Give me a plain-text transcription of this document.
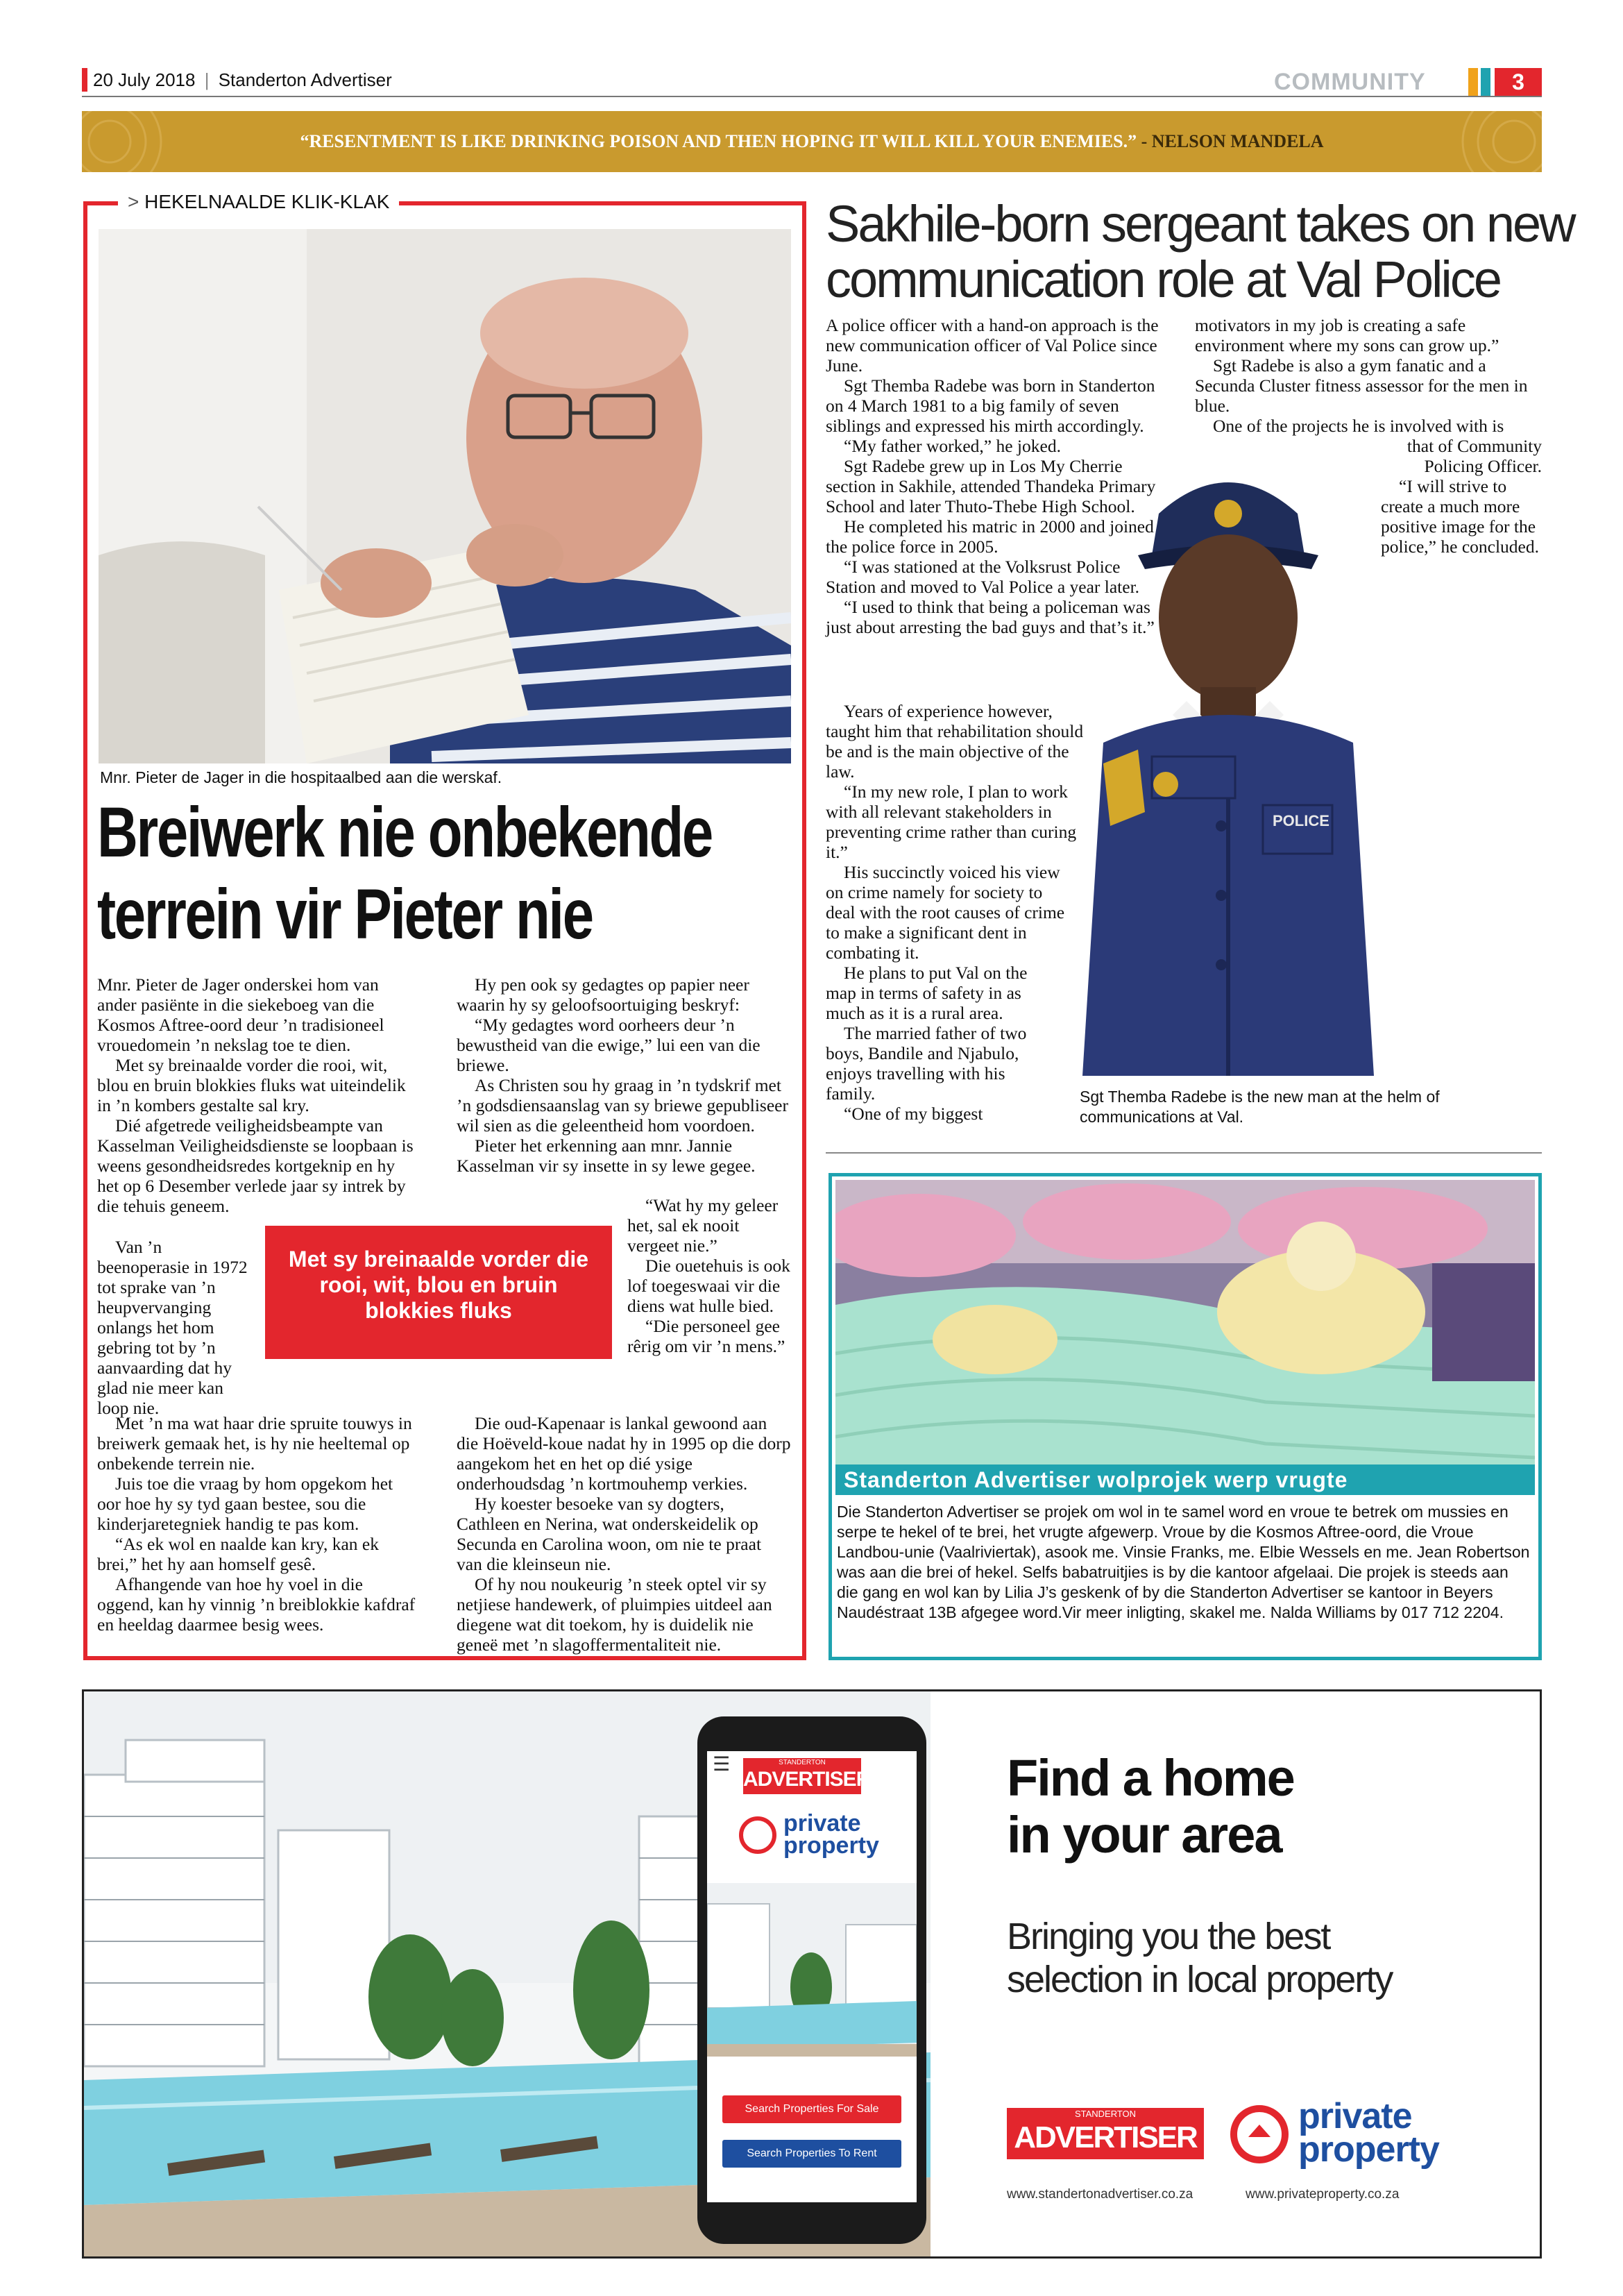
20 July 2018 | Standerton Advertiser	COMMUNITY	3
“RESENTMENT IS LIKE DRINKING POISON AND THEN HOPING IT WILL KILL YOUR ENEMIES.” - NELSON MANDELA
> HEKELNAALDE KLIK-KLAK
Mnr. Pieter de Jager in die hospitaalbed aan die werskaf.
Breiwerk nie onbekende
terrein vir Pieter nie

Mnr. Pieter de Jager onderskei hom van ander pasiënte in die siekeboeg van die Kosmos Aftree-oord deur ’n tradisioneel vrouedomein ’n nekslag toe te dien.

Met sy breinaalde vorder die rooi, wit, blou en bruin blokkies fluks wat uiteindelik in ’n kombers gestalte sal kry.

Dié afgetrede veiligheidsbeampte van Kasselman Veiligheidsdienste se loopbaan is weens gesondheidsredes kortgeknip en hy het op 6 Desember verlede jaar sy intrek by die tehuis geneem.

Van ’n beenoperasie in 1972 tot sprake van ’n heupvervanging onlangs het hom gebring tot by ’n aanvaarding dat hy glad nie meer kan loop nie.

Met ’n ma wat haar drie spruite touwys in breiwerk gemaak het, is hy nie heeltemal op onbekende terrein nie.

Juis toe die vraag by hom opgekom het oor hoe hy sy tyd gaan bestee, sou die kinderjaretegniek handig te pas kom.

“As ek wol en naalde kan kry, kan ek brei,” het hy aan homself gesê.

Afhangende van hoe hy voel in die oggend, kan hy vinnig ’n breiblokkie kafdraf en heeldag daarmee besig wees.

Met sy breinaalde vorder die rooi, wit, blou en bruin blokkies fluks

Hy pen ook sy gedagtes op papier neer waarin hy sy geloofsoortuiging beskryf:

“My gedagtes word oorheers deur ’n bewustheid van die ewige,” lui een van die briewe.

As Christen sou hy graag in ’n tydskrif met ’n godsdiensaanslag van sy briewe gepubliseer wil sien as die geleentheid hom voordoen.

Pieter het erkenning aan mnr. Jannie Kasselman vir sy insette in sy lewe gegee.

“Wat hy my geleer het, sal ek nooit vergeet nie.”

Die ouetehuis is ook lof toegeswaai vir die diens wat hulle bied.

“Die personeel gee rêrig om vir ’n mens.”

Die oud-Kapenaar is lankal gewoond aan die Hoëveld-koue nadat hy in 1995 op die dorp aangekom het en het op dié ysige onderhoudsdag ’n kortmouhemp verkies.

Hy koester besoeke van sy dogters, Cathleen en Nerina, wat onderskeidelik op Secunda en Carolina woon, om nie te praat van die kleinseun nie.

Of hy nou noukeurig ’n steek optel vir sy netjiese handewerk, of pluimpies uitdeel aan diegene wat dit toekom, hy is duidelik nie geneë met ’n slagoffermentaliteit nie.

Sakhile-born sergeant takes on new
communication role at Val Police

A police officer with a hand-on approach is the new communication officer of Val Police since June.

Sgt Themba Radebe was born in Standerton on 4 March 1981 to a big family of seven siblings and expressed his mirth accordingly.

“My father worked,” he joked.

Sgt Radebe grew up in Los My Cherrie section in Sakhile, attended Thandeka Primary School and later Thuto-Thebe High School.

He completed his matric in 2000 and joined the police force in 2005.

“I was stationed at the Volksrust Police Station and moved to Val Police a year later.

“I used to think that being a policeman was just about arresting the bad guys and that’s it.”

Years of experience however, taught him that rehabilitation should be and is the main objective of the law.

“In my new role, I plan to work with all relevant stakeholders in preventing crime rather than curing it.”

His succinctly voiced his view on crime namely for society to deal with the root causes of crime to make a significant dent in combating it.

He plans to put Val on the map in terms of safety in as much as it is a rural area.

The married father of two boys, Bandile and Njabulo, enjoys travelling with his family.

“One of my biggest

motivators in my job is creating a safe environment where my sons can grow up.”

Sgt Radebe is also a gym fanatic and a Secunda Cluster fitness assessor for the men in blue.

One of the projects he is involved with is

that of Community Policing Officer.

“I will strive to create a much more positive image for the police,” he concluded.

POLICE
Sgt Themba Radebe is the new man at the helm of communications at Val.
Standerton Advertiser wolprojek werp vrugte
Die Standerton Advertiser se projek om wol in te samel word en vroue te betrek om mussies en serpe te hekel of te brei, het vrugte afgewerp. Vroue by die Kosmos Aftree-oord, die Vroue Landbou-unie (Vaalriviertak), asook me. Vinsie Franks, me. Elbie Wessels en me. Jean Robertson was aan die brei of hekel. Selfs babatruitjies is by die kantoor afgelaai. Die projek is steeds aan die gang en wol kan by Lilia J’s geskenk of by die Standerton Advertiser se kantoor in Beyers Naudéstraat 13B afgegee word.Vir meer inligting, skakel me. Nalda Williams by 017 712 2204.
☰	STANDERTON
ADVERTISER
private
property
Search Properties For Sale
Search Properties To Rent
Find a home
in your area
Bringing you the best
selection in local property
STANDERTON
ADVERTISER
private
property
www.standertonadvertiser.co.za	www.privateproperty.co.za
